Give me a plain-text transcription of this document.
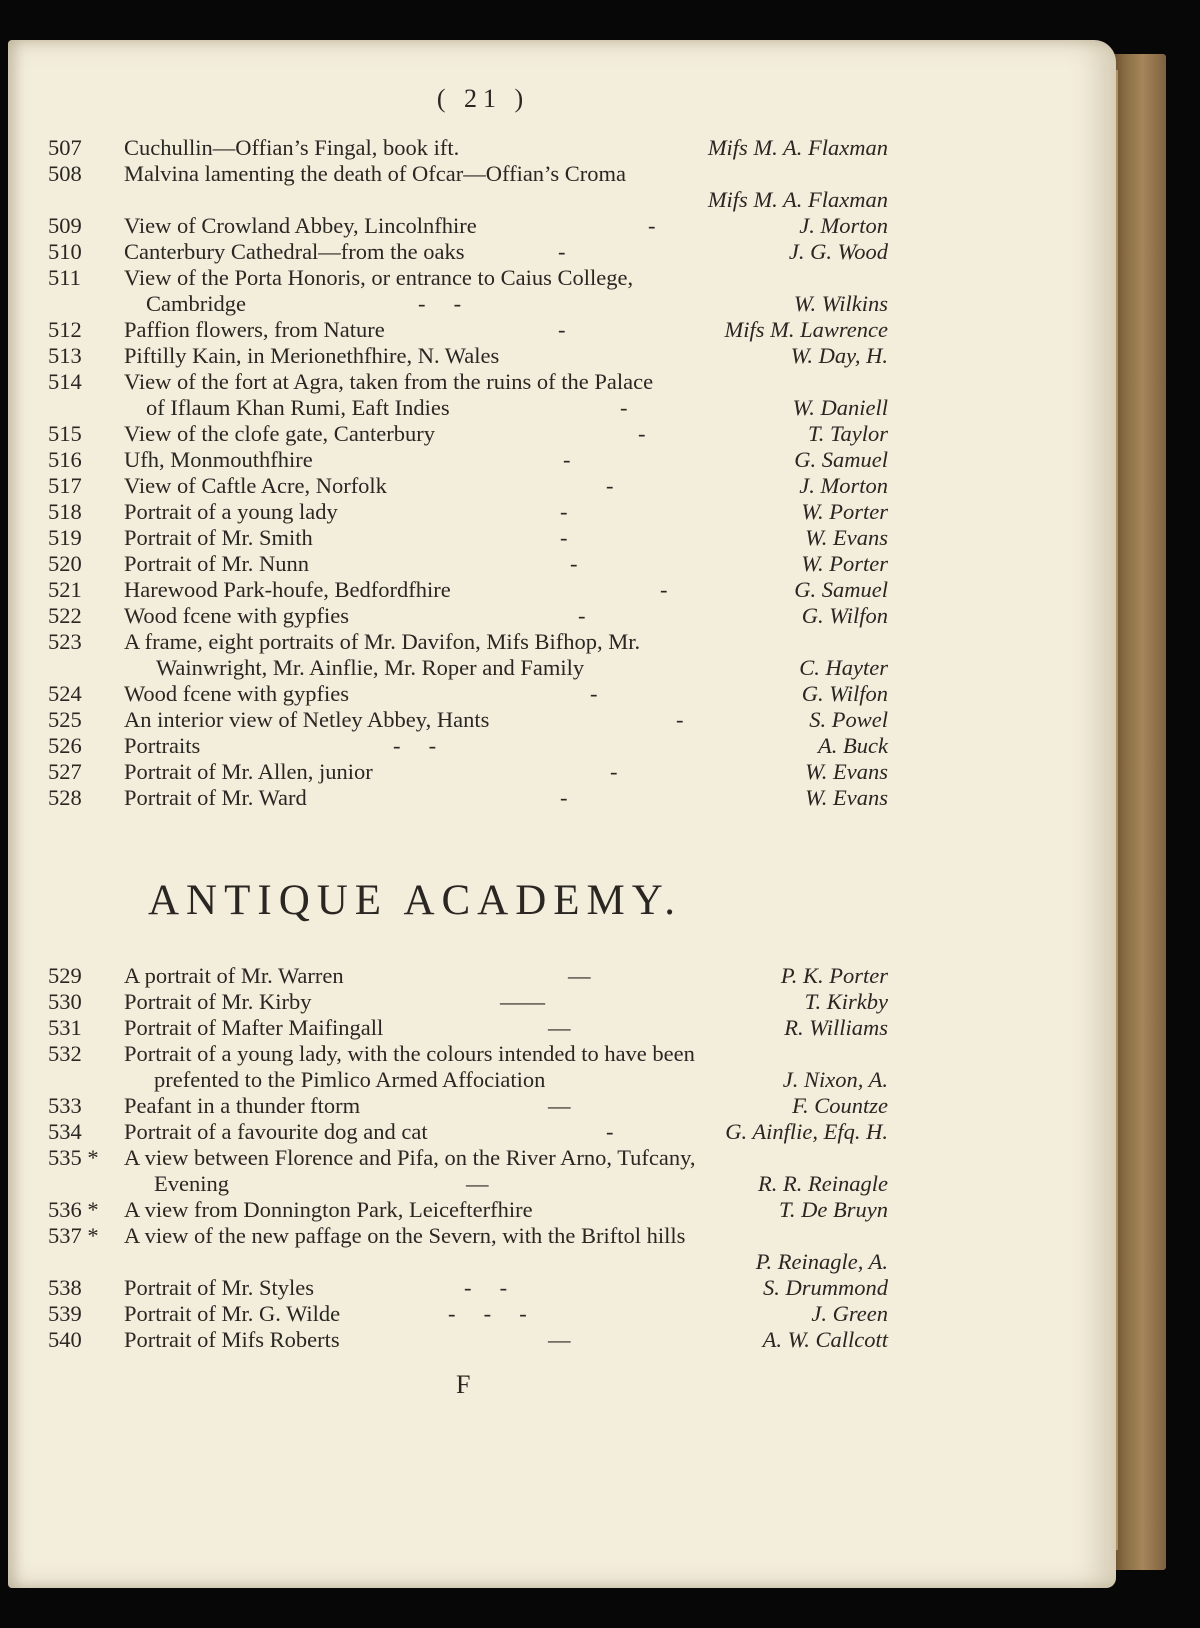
( 21 )
507 Cuchullin—Offian’s Fingal, book ift.	Mifs M. A. Flaxman
508 Malvina lamenting the death of Ofcar—Offian’s Croma
Mifs M. A. Flaxman
509 View of Crowland Abbey, Lincolnfhire	-	J. Morton
510 Canterbury Cathedral—from the oaks	-	J. G. Wood
511 View of the Porta Honoris, or entrance to Caius College,
Cambridge	-     -	W. Wilkins
512 Paffion flowers, from Nature	-	Mifs M. Lawrence
513 Piftilly Kain, in Merionethfhire, N. Wales	W. Day, H.
514 View of the fort at Agra, taken from the ruins of the Palace
of Iflaum Khan Rumi, Eaft Indies	-	W. Daniell
515 View of the clofe gate, Canterbury	-	T. Taylor
516 Ufh, Monmouthfhire	-	G. Samuel
517 View of Caftle Acre, Norfolk	-	J. Morton
518 Portrait of a young lady	-	W. Porter
519 Portrait of Mr. Smith	-	W. Evans
520 Portrait of Mr. Nunn	-	W. Porter
521 Harewood Park-houfe, Bedfordfhire	-	G. Samuel
522 Wood fcene with gypfies	-	G. Wilfon
523 A frame, eight portraits of Mr. Davifon, Mifs Bifhop, Mr.
Wainwright, Mr. Ainflie, Mr. Roper and Family	C. Hayter
524 Wood fcene with gypfies	-	G. Wilfon
525 An interior view of Netley Abbey, Hants	-	S. Powel
526 Portraits	-     -	A. Buck
527 Portrait of Mr. Allen, junior	-	W. Evans
528 Portrait of Mr. Ward	-	W. Evans
ANTIQUE ACADEMY.
529 A portrait of Mr. Warren	—	P. K. Porter
530 Portrait of Mr. Kirby	——	T. Kirkby
531 Portrait of Mafter Maifingall	—	R. Williams
532 Portrait of a young lady, with the colours intended to have been
prefented to the Pimlico Armed Affociation	J. Nixon, A.
533 Peafant in a thunder ftorm	—	F. Countze
534 Portrait of a favourite dog and cat	-	G. Ainflie, Efq. H.
535 * A view between Florence and Pifa, on the River Arno, Tufcany,
Evening	—	R. R. Reinagle
536 * A view from Donnington Park, Leicefterfhire	T. De Bruyn
537 * A view of the new paffage on the Severn, with the Briftol hills
P. Reinagle, A.
538 Portrait of Mr. Styles	-     -	S. Drummond
539 Portrait of Mr. G. Wilde	-     -     -	J. Green
540 Portrait of Mifs Roberts	—	A. W. Callcott
F
